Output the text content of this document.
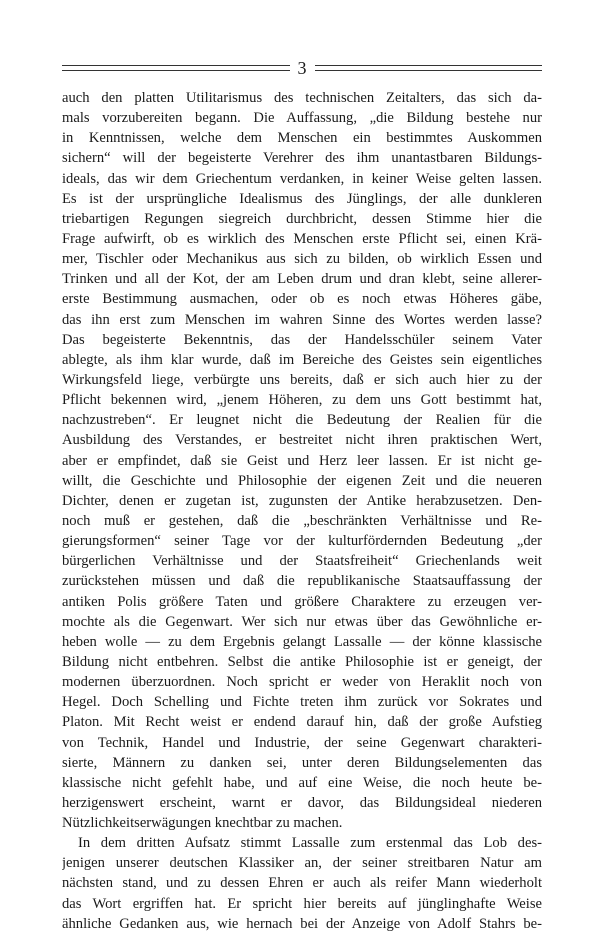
3
auch den platten Utilitarismus des technischen Zeitalters, das sich da-
mals vorzubereiten begann. Die Auffassung, „die Bildung bestehe nur
in Kenntnissen, welche dem Menschen ein bestimmtes Auskommen
sichern“ will der begeisterte Verehrer des ihm unantastbaren Bildungs-
ideals, das wir dem Griechentum verdanken, in keiner Weise gelten lassen.
Es ist der ursprüngliche Idealismus des Jünglings, der alle dunkleren
triebartigen Regungen siegreich durchbricht, dessen Stimme hier die
Frage aufwirft, ob es wirklich des Menschen erste Pflicht sei, einen Krä-
mer, Tischler oder Mechanikus aus sich zu bilden, ob wirklich Essen und
Trinken und all der Kot, der am Leben drum und dran klebt, seine allerer-
erste Bestimmung ausmachen, oder ob es noch etwas Höheres gäbe,
das ihn erst zum Menschen im wahren Sinne des Wortes werden lasse?
Das begeisterte Bekenntnis, das der Handelsschüler seinem Vater
ablegte, als ihm klar wurde, daß im Bereiche des Geistes sein eigentliches
Wirkungsfeld liege, verbürgte uns bereits, daß er sich auch hier zu der
Pflicht bekennen wird, „jenem Höheren, zu dem uns Gott bestimmt hat,
nachzustreben“. Er leugnet nicht die Bedeutung der Realien für die
Ausbildung des Verstandes, er bestreitet nicht ihren praktischen Wert,
aber er empfindet, daß sie Geist und Herz leer lassen. Er ist nicht ge-
willt, die Geschichte und Philosophie der eigenen Zeit und die neueren
Dichter, denen er zugetan ist, zugunsten der Antike herabzusetzen. Den-
noch muß er gestehen, daß die „beschränkten Verhältnisse und Re-
gierungsformen“ seiner Tage vor der kulturfördernden Bedeutung „der
bürgerlichen Verhältnisse und der Staatsfreiheit“ Griechenlands weit
zurückstehen müssen und daß die republikanische Staatsauffassung der
antiken Polis größere Taten und größere Charaktere zu erzeugen ver-
mochte als die Gegenwart. Wer sich nur etwas über das Gewöhnliche er-
heben wolle — zu dem Ergebnis gelangt Lassalle — der könne klassische
Bildung nicht entbehren. Selbst die antike Philosophie ist er geneigt, der
modernen überzuordnen. Noch spricht er weder von Heraklit noch von
Hegel. Doch Schelling und Fichte treten ihm zurück vor Sokrates und
Platon. Mit Recht weist er endend darauf hin, daß der große Aufstieg
von Technik, Handel und Industrie, der seine Gegenwart charakteri-
sierte, Männern zu danken sei, unter deren Bildungselementen das
klassische nicht gefehlt habe, und auf eine Weise, die noch heute be-
herzigenswert erscheint, warnt er davor, das Bildungsideal niederen
Nützlichkeitserwägungen knechtbar zu machen.
In dem dritten Aufsatz stimmt Lassalle zum erstenmal das Lob des-
jenigen unserer deutschen Klassiker an, der seiner streitbaren Natur am
nächsten stand, und zu dessen Ehren er auch als reifer Mann wiederholt
das Wort ergriffen hat. Er spricht hier bereits auf jünglinghafte Weise
ähnliche Gedanken aus, wie hernach bei der Anzeige von Adolf Stahrs be-
